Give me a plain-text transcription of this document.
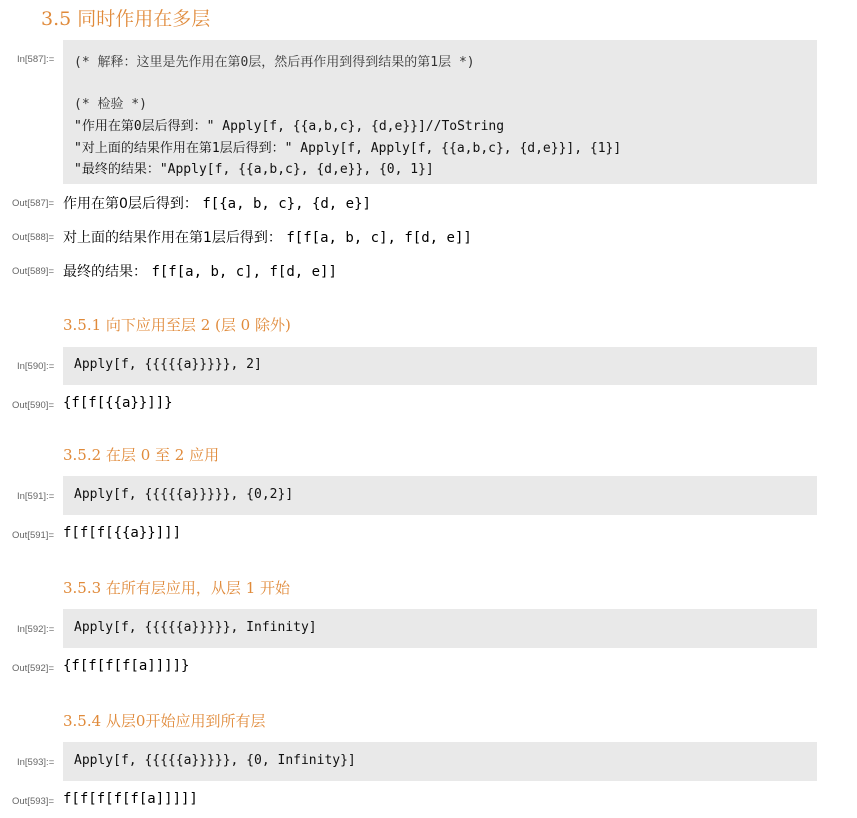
3.5 同时作用在多层
In[587]:= (* 解释：这里是先作用在第0层，然后再作用到得到结果的第1层 *)
(* 检验 *)
"作用在第0层后得到：" Apply[f, {{a,b,c}, {d,e}}]//ToString
"对上面的结果作用在第1层后得到：" Apply[f, Apply[f, {{a,b,c}, {d,e}}], {1}]
"最终的结果："Apply[f, {{a,b,c}, {d,e}}, {0, 1}]
Out[587]= 作用在第0层后得到： f[{a, b, c}, {d, e}]
Out[588]= 对上面的结果作用在第1层后得到： f[f[a, b, c], f[d, e]]
Out[589]= 最终的结果： f[f[a, b, c], f[d, e]]
3.5.1 向下应用至层 2 (层 0 除外)
In[590]:= Apply[f, {{{{{a}}}}}, 2]
Out[590]= {f[f[{{a}}]]}
3.5.2 在层 0 至 2 应用
In[591]:= Apply[f, {{{{{a}}}}}, {0,2}]
Out[591]= f[f[f[{{a}}]]]
3.5.3 在所有层应用，从层 1 开始
In[592]:= Apply[f, {{{{{a}}}}}, Infinity]
Out[592]= {f[f[f[f[a]]]]}
3.5.4 从层0开始应用到所有层
In[593]:= Apply[f, {{{{{a}}}}}, {0, Infinity}]
Out[593]= f[f[f[f[f[a]]]]]
